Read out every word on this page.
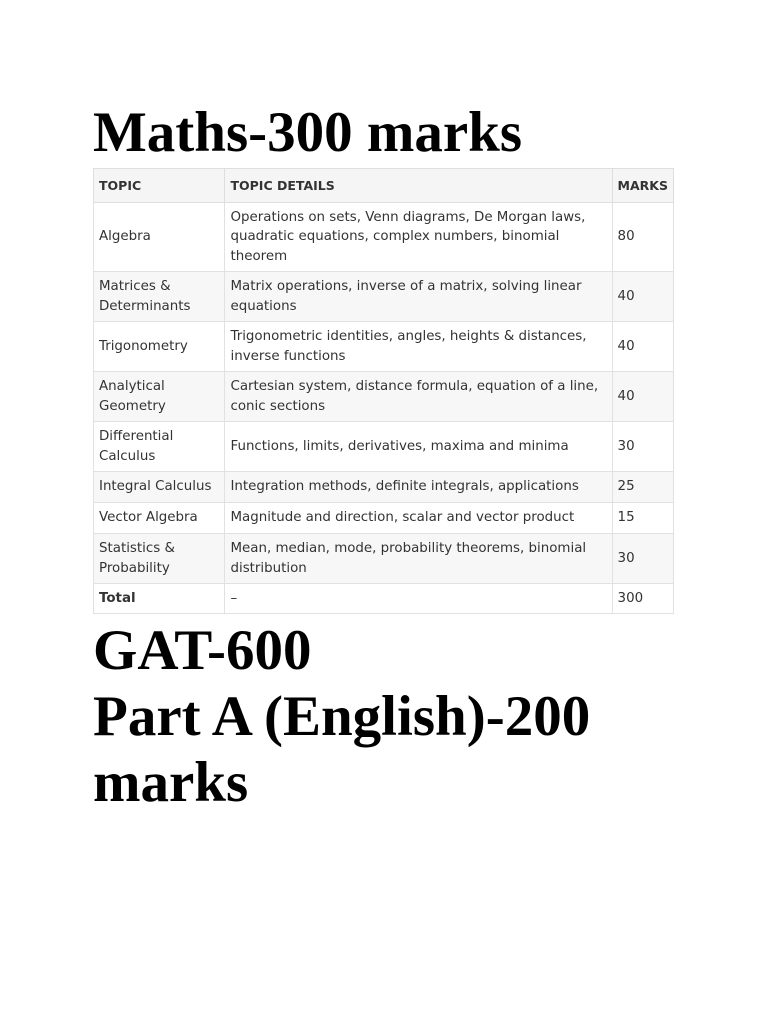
Maths-300 marks
TOPIC	TOPIC DETAILS	MARKS
Algebra	Operations on sets, Venn diagrams, De Morgan laws, quadratic equations, complex numbers, binomial theorem	80
Matrices & Determinants	Matrix operations, inverse of a matrix, solving linear equations	40
Trigonometry	Trigonometric identities, angles, heights & distances, inverse functions	40
Analytical Geometry	Cartesian system, distance formula, equation of a line, conic sections	40
Differential Calculus	Functions, limits, derivatives, maxima and minima	30
Integral Calculus	Integration methods, definite integrals, applications	25
Vector Algebra	Magnitude and direction, scalar and vector product	15
Statistics & Probability	Mean, median, mode, probability theorems, binomial distribution	30
Total	–	300
GAT-600
Part A (English)-200 marks
